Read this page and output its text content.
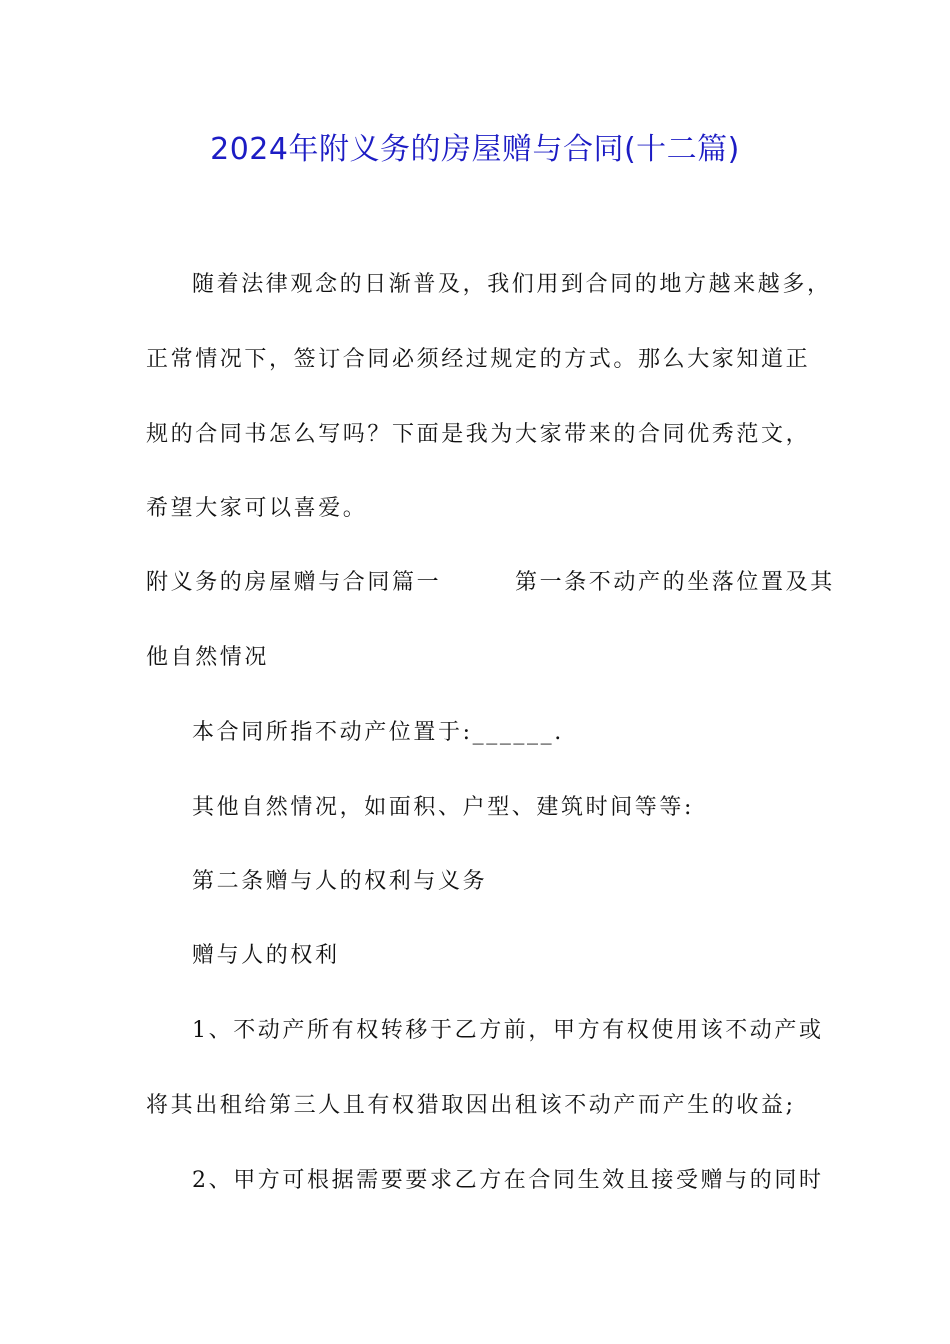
2024年附义务的房屋赠与合同(十二篇)
随着法律观念的日渐普及，我们用到合同的地方越来越多，
正常情况下，签订合同必须经过规定的方式。那么大家知道正
规的合同书怎么写吗？下面是我为大家带来的合同优秀范文，
希望大家可以喜爱。
附义务的房屋赠与合同篇一　　　第一条不动产的坐落位置及其
他自然情况
本合同所指不动产位置于:______.
其他自然情况，如面积、户型、建筑时间等等:
第二条赠与人的权利与义务
赠与人的权利
1、不动产所有权转移于乙方前，甲方有权使用该不动产或
将其出租给第三人且有权猎取因出租该不动产而产生的收益;
2、甲方可根据需要要求乙方在合同生效且接受赠与的同时
